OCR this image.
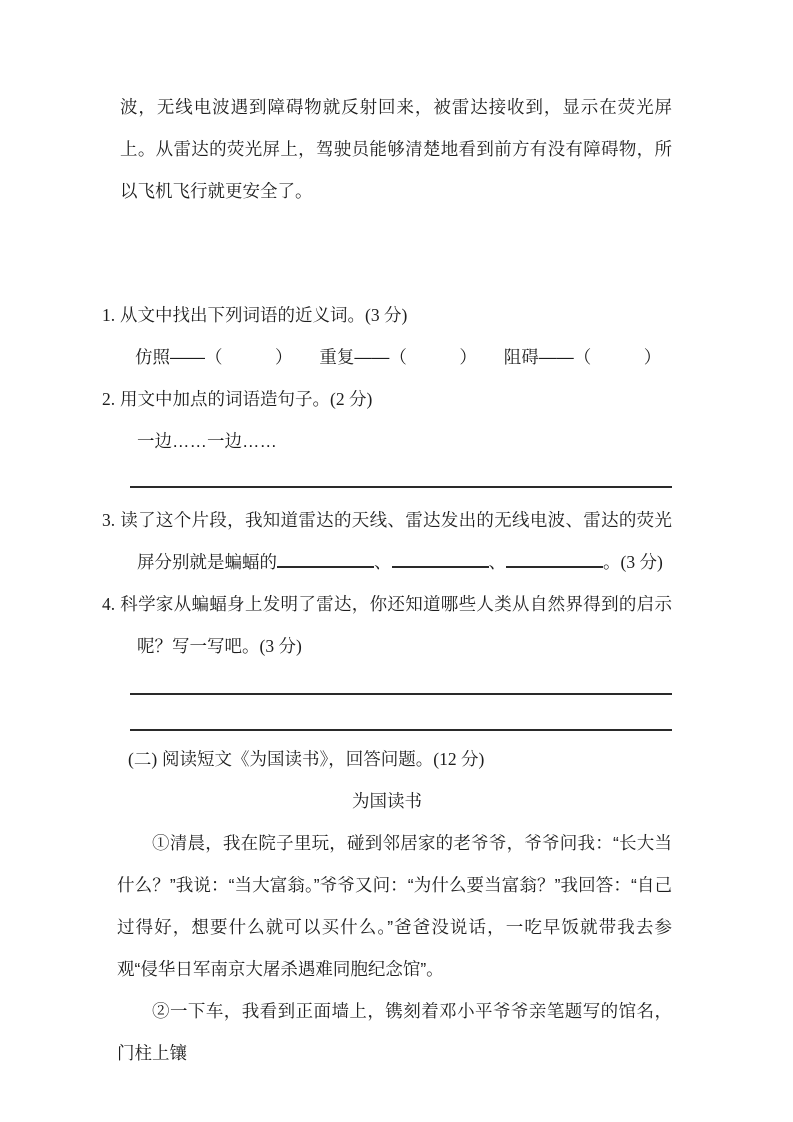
波，无线电波遇到障碍物就反射回来，被雷达接收到，显示在荧光屏上。从雷达的荧光屏上，驾驶员能够清楚地看到前方有没有障碍物，所以飞机飞行就更安全了。
1. 从文中找出下列词语的近义词。(3 分)
仿照——（　　　） 重复——（　　　） 阻碍——（　　　）
2. 用文中加点的词语造句子。(2 分)
一边……一边……
3. 读了这个片段，我知道雷达的天线、雷达发出的无线电波、雷达的荧光屏分别就是蝙蝠的	、	、	。(3 分)
4. 科学家从蝙蝠身上发明了雷达，你还知道哪些人类从自然界得到的启示呢？写一写吧。(3 分)
(二) 阅读短文《为国读书》，回答问题。(12 分)
为国读书

①清晨，我在院子里玩，碰到邻居家的老爷爷，爷爷问我：“长大当什么？”我说：“当大富翁。”爷爷又问：“为什么要当富翁？”我回答：“自己过得好，想要什么就可以买什么。”爸爸没说话，一吃早饭就带我去参观“侵华日军南京大屠杀遇难同胞纪念馆”。

②一下车，我看到正面墙上，镌刻着邓小平爷爷亲笔题写的馆名，门柱上镶
